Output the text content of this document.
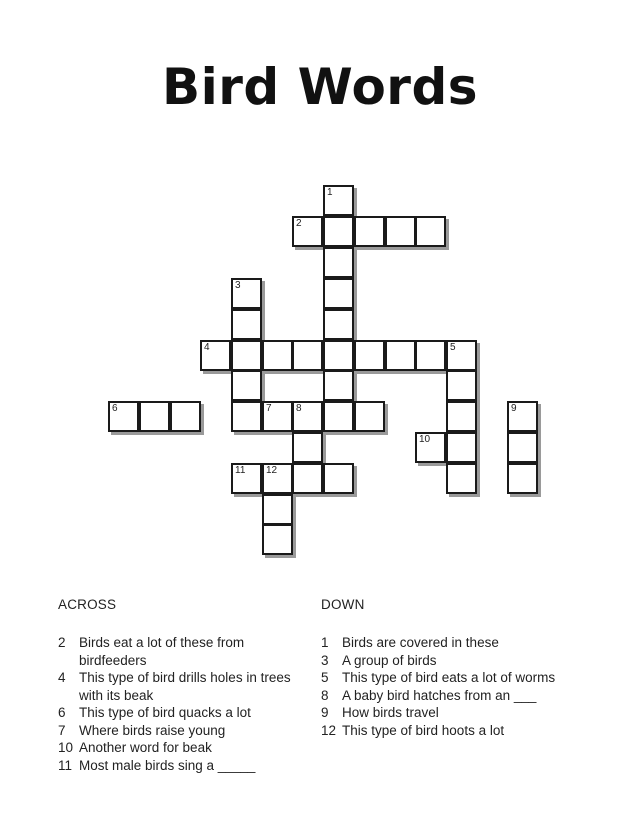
Bird Words
1
2
3
4	5
6	7 8	9
10
11 12
ACROSS
2 Birds eat a lot of these from birdfeeders
4 This type of bird drills holes in trees with its beak
6 This type of bird quacks a lot
7 Where birds raise young
10 Another word for beak
11 Most male birds sing a _____
DOWN
1 Birds are covered in these
3 A group of birds
5 This type of bird eats a lot of worms
8 A baby bird hatches from an ___
9 How birds travel
12 This type of bird hoots a lot
